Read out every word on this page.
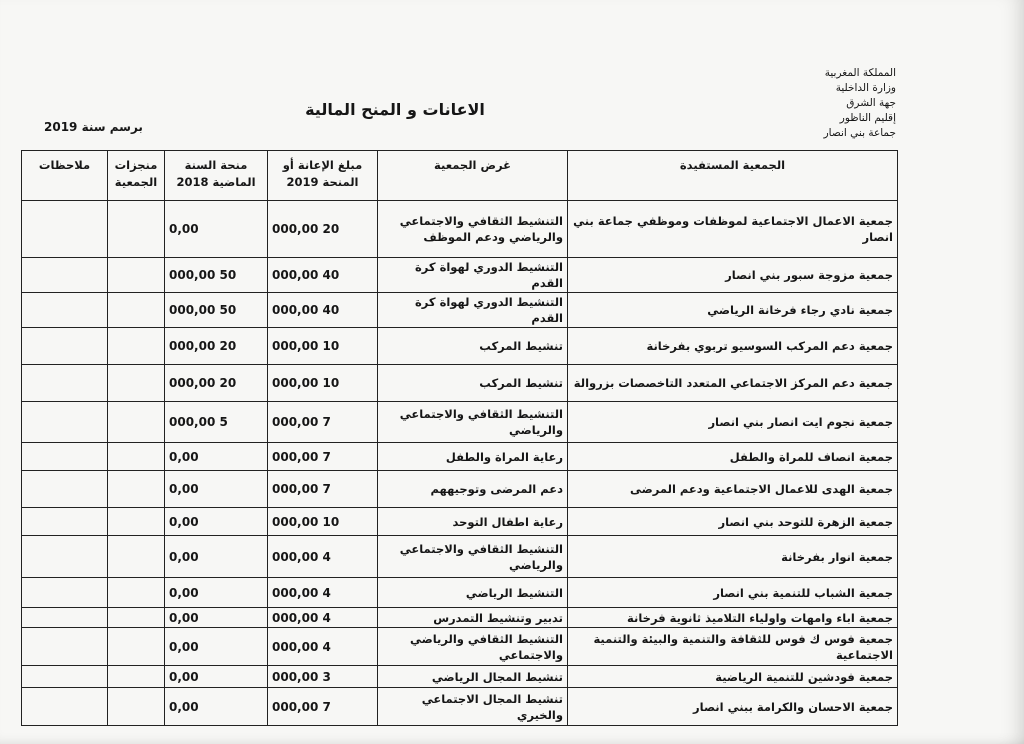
المملكة المغربية
وزارة الداخلية
جهة الشرق
إقليم الناظور
جماعة بني انصار
الاعانات و المنح المالية
برسم سنة 2019
الجمعية المستفيدة	غرض الجمعية	مبلغ الإعانة أو المنحة 2019	منحة السنة الماضية 2018	منجزات الجمعية	ملاحظات
جمعية الاعمال الاجتماعية لموظفات وموظفي جماعة بني انصار	التنشيط الثقافي والاجتماعي والرياضي ودعم الموظف	20 000,00	0,00		
جمعية مزوجة سبور بني انصار	التنشيط الدوري لهواة كرة القدم	40 000,00	50 000,00		
جمعية نادي رجاء فرخانة الرياضي	التنشيط الدوري لهواة كرة القدم	40 000,00	50 000,00		
جمعية دعم المركب السوسيو تربوي بفرخانة	تنشيط المركب	10 000,00	20 000,00		
جمعية دعم المركز الاجتماعي المتعدد التاخصصات بزروالة	تنشيط المركب	10 000,00	20 000,00		
جمعية نجوم ايت انصار بني انصار	التنشيط الثقافي والاجتماعي والرياضي	7 000,00	5 000,00		
جمعية انصاف للمراة والطفل	رعاية المراة والطفل	7 000,00	0,00		
جمعية الهدى للاعمال الاجتماعية ودعم المرضى	دعم المرضى وتوجيههم	7 000,00	0,00		
جمعية الزهرة للتوحد بني انصار	رعاية اطفال التوحد	10 000,00	0,00		
جمعية انوار بفرخانة	التنشيط الثقافي والاجتماعي والرياضي	4 000,00	0,00		
جمعية الشباب للتنمية بني انصار	التنشيط الرياضي	4 000,00	0,00		
جمعية اباء وامهات واولياء التلاميذ ثانوية فرخانة	تدبير وتنشيط التمدرس	4 000,00	0,00		
جمعية فوس ك فوس للثقافة والتنمية والبيئة والتنمية الاجتماعية	التنشيط الثقافي والرياضي والاجتماعي	4 000,00	0,00		
جمعية فودشين للتنمية الرياضية	تنشيط المجال الرياضي	3 000,00	0,00		
جمعية الاحسان والكرامة ببني انصار	تنشيط المجال الاجتماعي والخيري	7 000,00	0,00		
